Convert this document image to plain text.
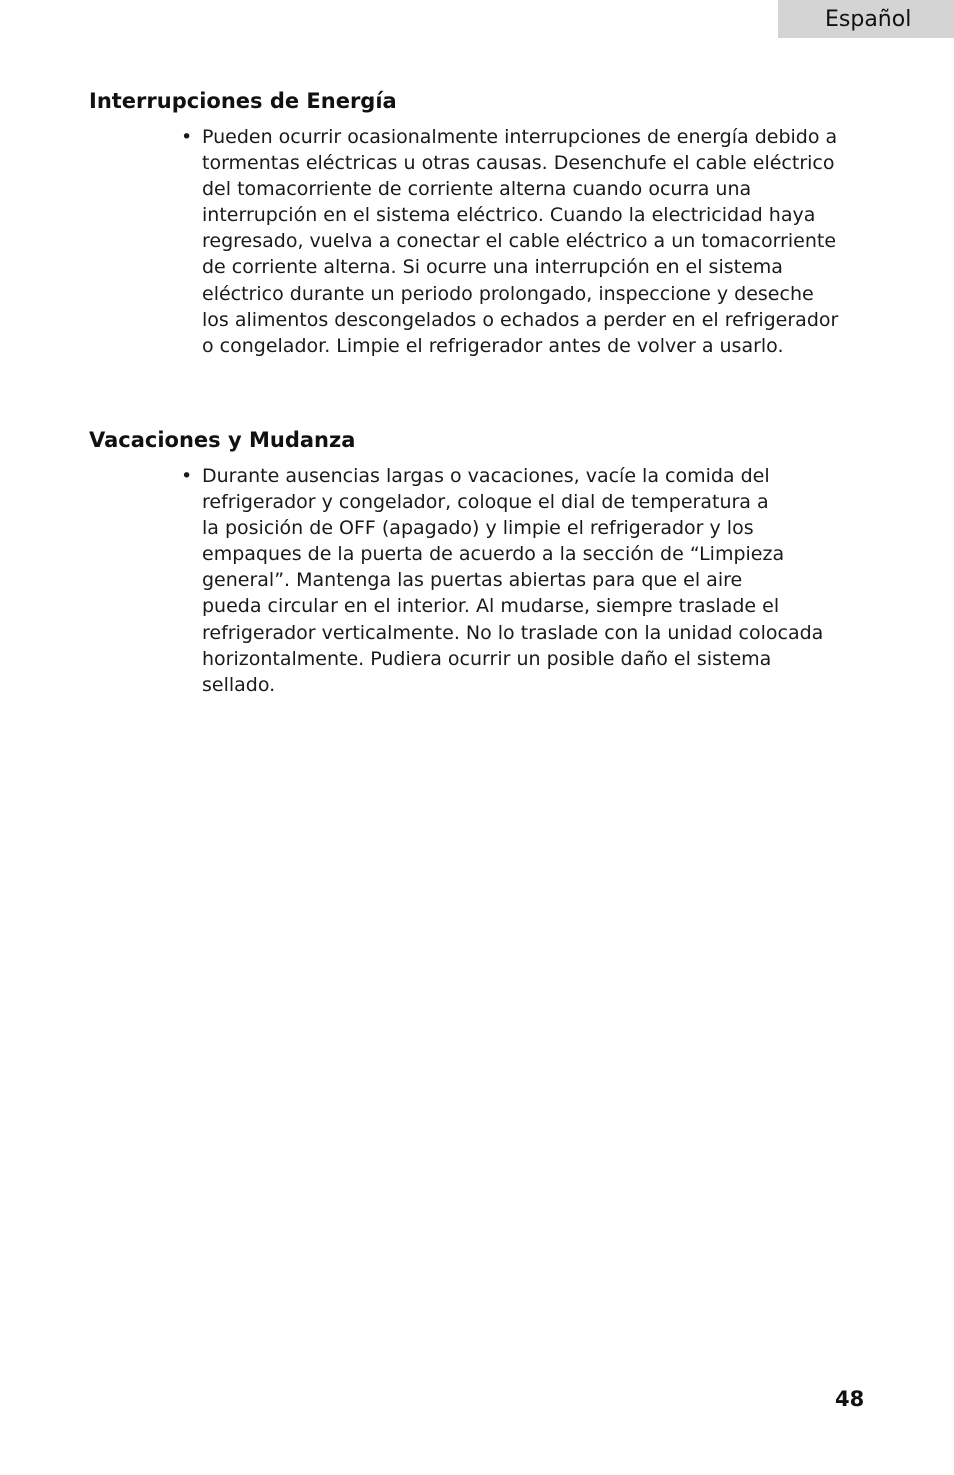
Español
Interrupciones de Energía
• Pueden ocurrir ocasionalmente interrupciones de energía debido a
tormentas eléctricas u otras causas. Desenchufe el cable eléctrico
del tomacorriente de corriente alterna cuando ocurra una
interrupción en el sistema eléctrico. Cuando la electricidad haya
regresado, vuelva a conectar el cable eléctrico a un tomacorriente
de corriente alterna. Si ocurre una interrupción en el sistema
eléctrico durante un periodo prolongado, inspeccione y deseche
los alimentos descongelados o echados a perder en el refrigerador
o congelador. Limpie el refrigerador antes de volver a usarlo.
Vacaciones y Mudanza
• Durante ausencias largas o vacaciones, vacíe la comida del
refrigerador y congelador, coloque el dial de temperatura a
la posición de OFF (apagado) y limpie el refrigerador y los
empaques de la puerta de acuerdo a la sección de “Limpieza
general”. Mantenga las puertas abiertas para que el aire
pueda circular en el interior. Al mudarse, siempre traslade el
refrigerador verticalmente. No lo traslade con la unidad colocada
horizontalmente. Pudiera ocurrir un posible daño el sistema
sellado.
48
